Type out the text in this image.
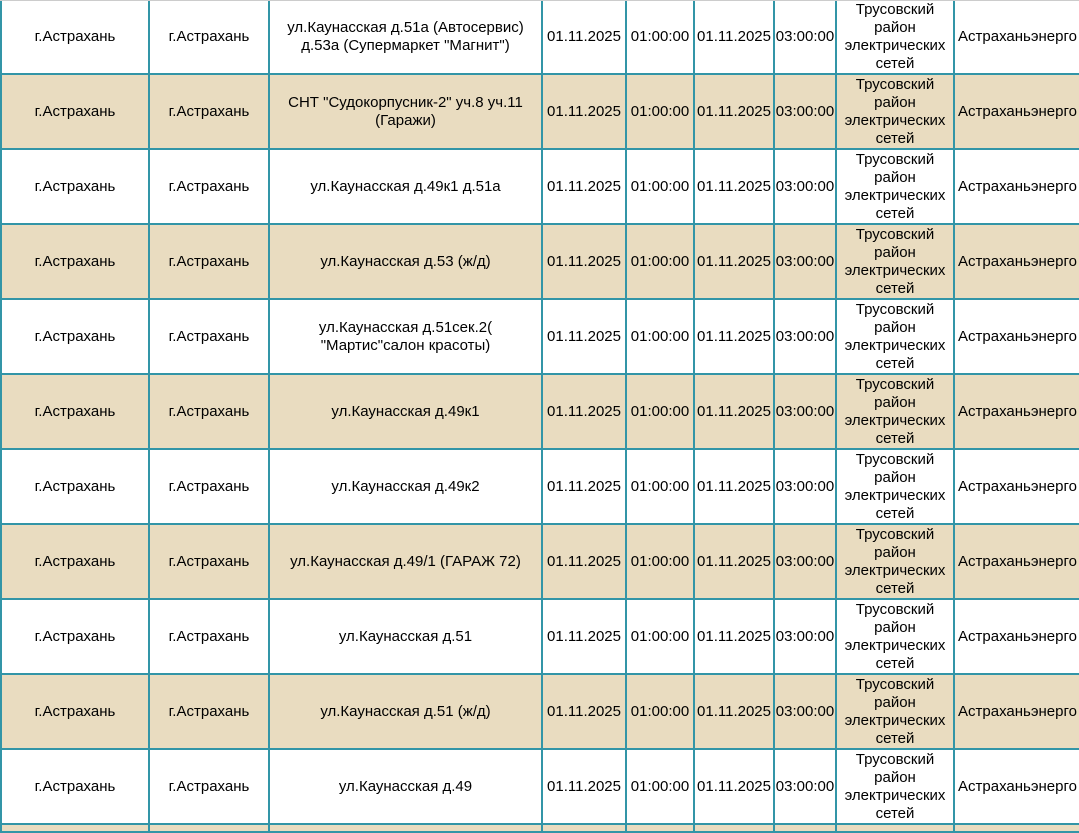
г.Астрахань	г.Астрахань	ул.Каунасская д.51а (Автосервис) д.53а (Супермаркет "Магнит")	01.11.2025	01:00:00	01.11.2025	03:00:00	Трусовский район электрических сетей	Астраханьэнерго
г.Астрахань	г.Астрахань	СНТ "Судокорпусник-2" уч.8 уч.11 (Гаражи)	01.11.2025	01:00:00	01.11.2025	03:00:00	Трусовский район электрических сетей	Астраханьэнерго
г.Астрахань	г.Астрахань	ул.Каунасская д.49к1 д.51а	01.11.2025	01:00:00	01.11.2025	03:00:00	Трусовский район электрических сетей	Астраханьэнерго
г.Астрахань	г.Астрахань	ул.Каунасская д.53 (ж/д)	01.11.2025	01:00:00	01.11.2025	03:00:00	Трусовский район электрических сетей	Астраханьэнерго
г.Астрахань	г.Астрахань	ул.Каунасская д.51сек.2( "Мартис"салон красоты)	01.11.2025	01:00:00	01.11.2025	03:00:00	Трусовский район электрических сетей	Астраханьэнерго
г.Астрахань	г.Астрахань	ул.Каунасская д.49к1	01.11.2025	01:00:00	01.11.2025	03:00:00	Трусовский район электрических сетей	Астраханьэнерго
г.Астрахань	г.Астрахань	ул.Каунасская д.49к2	01.11.2025	01:00:00	01.11.2025	03:00:00	Трусовский район электрических сетей	Астраханьэнерго
г.Астрахань	г.Астрахань	ул.Каунасская д.49/1 (ГАРАЖ 72)	01.11.2025	01:00:00	01.11.2025	03:00:00	Трусовский район электрических сетей	Астраханьэнерго
г.Астрахань	г.Астрахань	ул.Каунасская д.51	01.11.2025	01:00:00	01.11.2025	03:00:00	Трусовский район электрических сетей	Астраханьэнерго
г.Астрахань	г.Астрахань	ул.Каунасская д.51 (ж/д)	01.11.2025	01:00:00	01.11.2025	03:00:00	Трусовский район электрических сетей	Астраханьэнерго
г.Астрахань	г.Астрахань	ул.Каунасская д.49	01.11.2025	01:00:00	01.11.2025	03:00:00	Трусовский район электрических сетей	Астраханьэнерго
